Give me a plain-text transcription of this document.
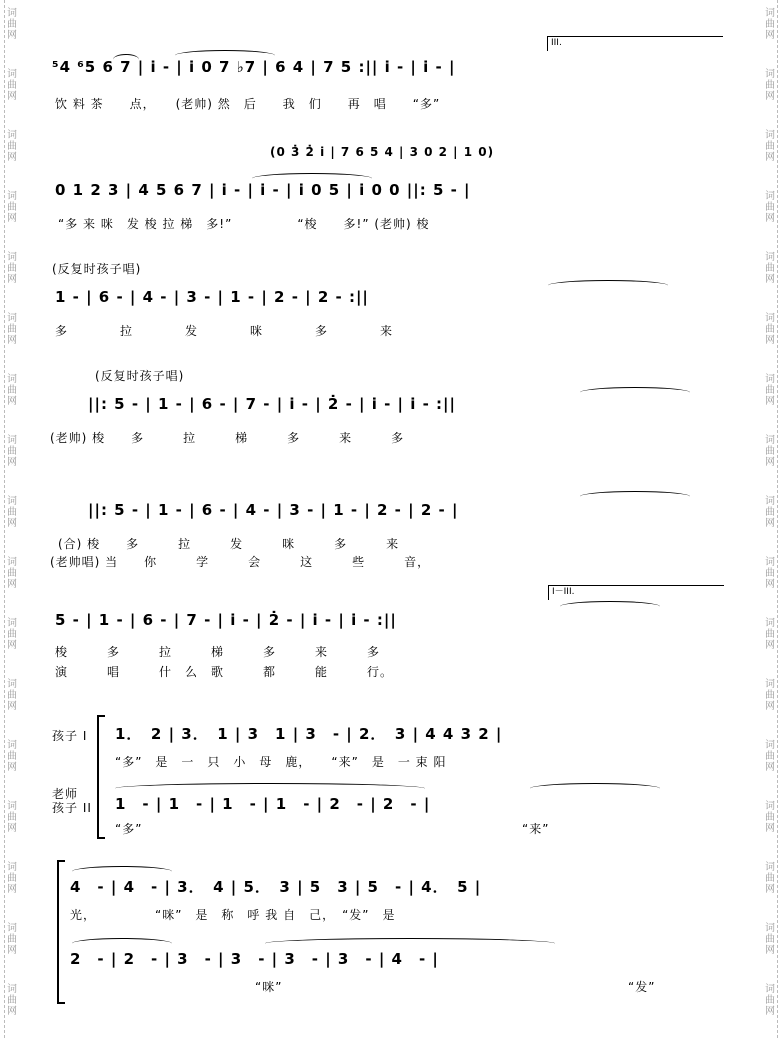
词
曲
网
词
曲
网
词
曲
网
词
曲
网
词
曲
网
词
曲
网
词
曲
网
词
曲
网
词
曲
网
词
曲
网
词
曲
网
词
曲
网
词
曲
网
词
曲
网
词
曲
网
词
曲
网
词
曲
网
词
曲
网
词
曲
网
词
曲
网
词
曲
网
词
曲
网
词
曲
网
词
曲
网
词
曲
网
词
曲
网
词
曲
网
词
曲
网
词
曲
网
词
曲
网
词
曲
网
词
曲
网
词
曲
网
词
曲
网
⁵4 ⁶5 6 7 | i - | i 0 7 ♭7 | 6 4 | 7 5 :|| i - | i - |
III.
饮 料 茶　　点，　　(老帅) 然　后　　我　们　　再　唱　　“多”
(0 3̇ 2̇ i | 7 6 5 4 | 3 0 2 | 1 0)
0 1 2 3 | 4 5 6 7 | i - | i - | i 0 5 | i 0 0 ||: 5 - |
“多 来 咪　发 梭 拉 梯　多!”　　　　　“梭　　多!” (老帅) 梭
(反复时孩子唱)
1 - | 6 - | 4 - | 3 - | 1 - | 2 - | 2 - :||
多　　　　拉　　　　发　　　　咪　　　　多　　　　来
(反复时孩子唱)
||: 5 - | 1 - | 6 - | 7 - | i - | 2̇ - | i - | i - :||
(老帅) 梭　　多　　　拉　　　梯　　　多　　　来　　　多
||: 5 - | 1 - | 6 - | 4 - | 3 - | 1 - | 2 - | 2 - |
(合) 梭　　多　　　拉　　　发　　　咪　　　多　　　来
(老帅唱) 当　　你　　　学　　　会　　　这　　　些　　　音，
I－III.
5 - | 1 - | 6 - | 7 - | i - | 2̇ - | i - | i - :||
梭　　　多　　　拉　　　梯　　　多　　　来　　　多
演　　　唱　　　什　么　歌　　　都　　　能　　　行。
孩子 I
老师
孩子 II
1．　2 | 3．　1 | 3　1 | 3　- | 2．　3 | 4 4 3 2 |
“多”　是　一　只　小　母　鹿，　　“来”　是　一 束 阳
1　- | 1　- | 1　- | 1　- | 2　- | 2　- |
“多”	“来”
4　- | 4　- | 3．　4 | 5．　3 | 5　3 | 5　- | 4．　5 |
光，　　　　　“咪”　是　称　呼 我 自　己，　“发”　是
2　- | 2　- | 3　- | 3　- | 3　- | 3　- | 4　- |
“咪”	“发”
